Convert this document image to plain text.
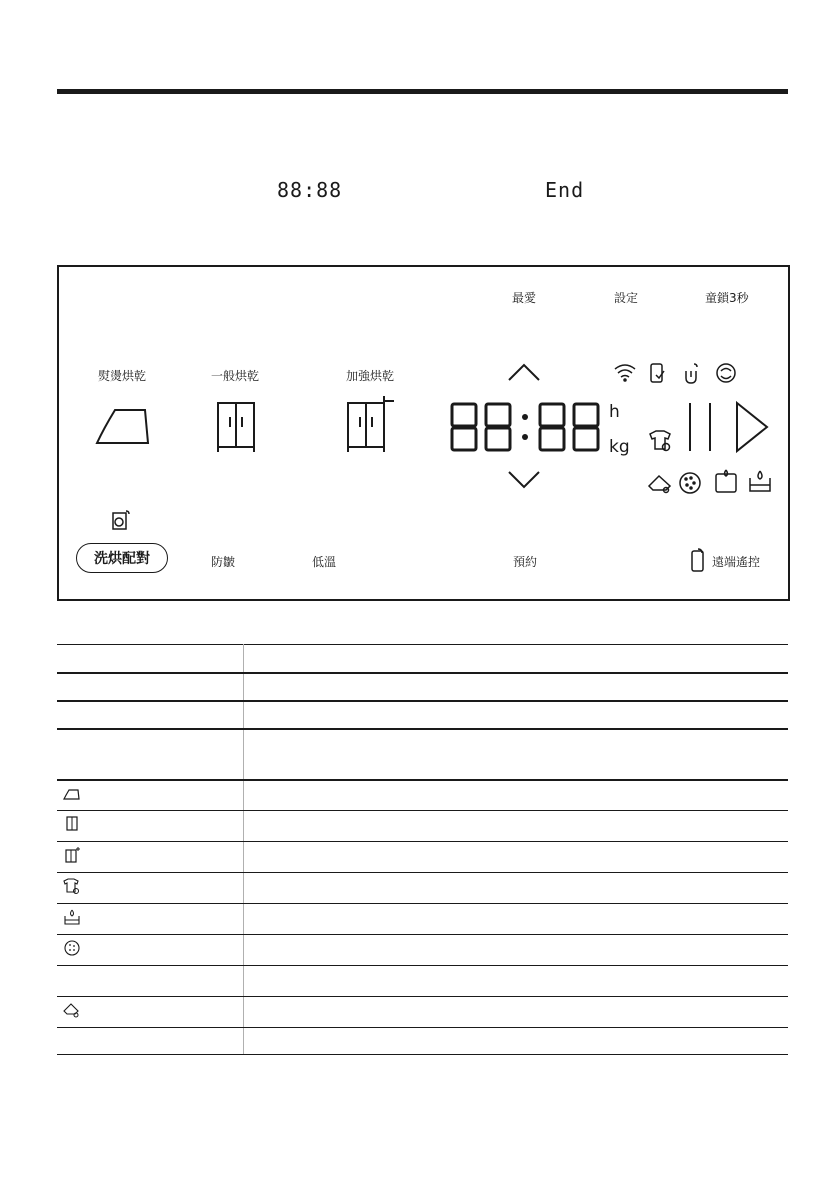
88:88	End
最愛	設定	童鎖3秒
熨燙烘乾	一般烘乾	加強烘乾
h
kg
洗烘配對	防皺	低溫	預約	遠端遙控
